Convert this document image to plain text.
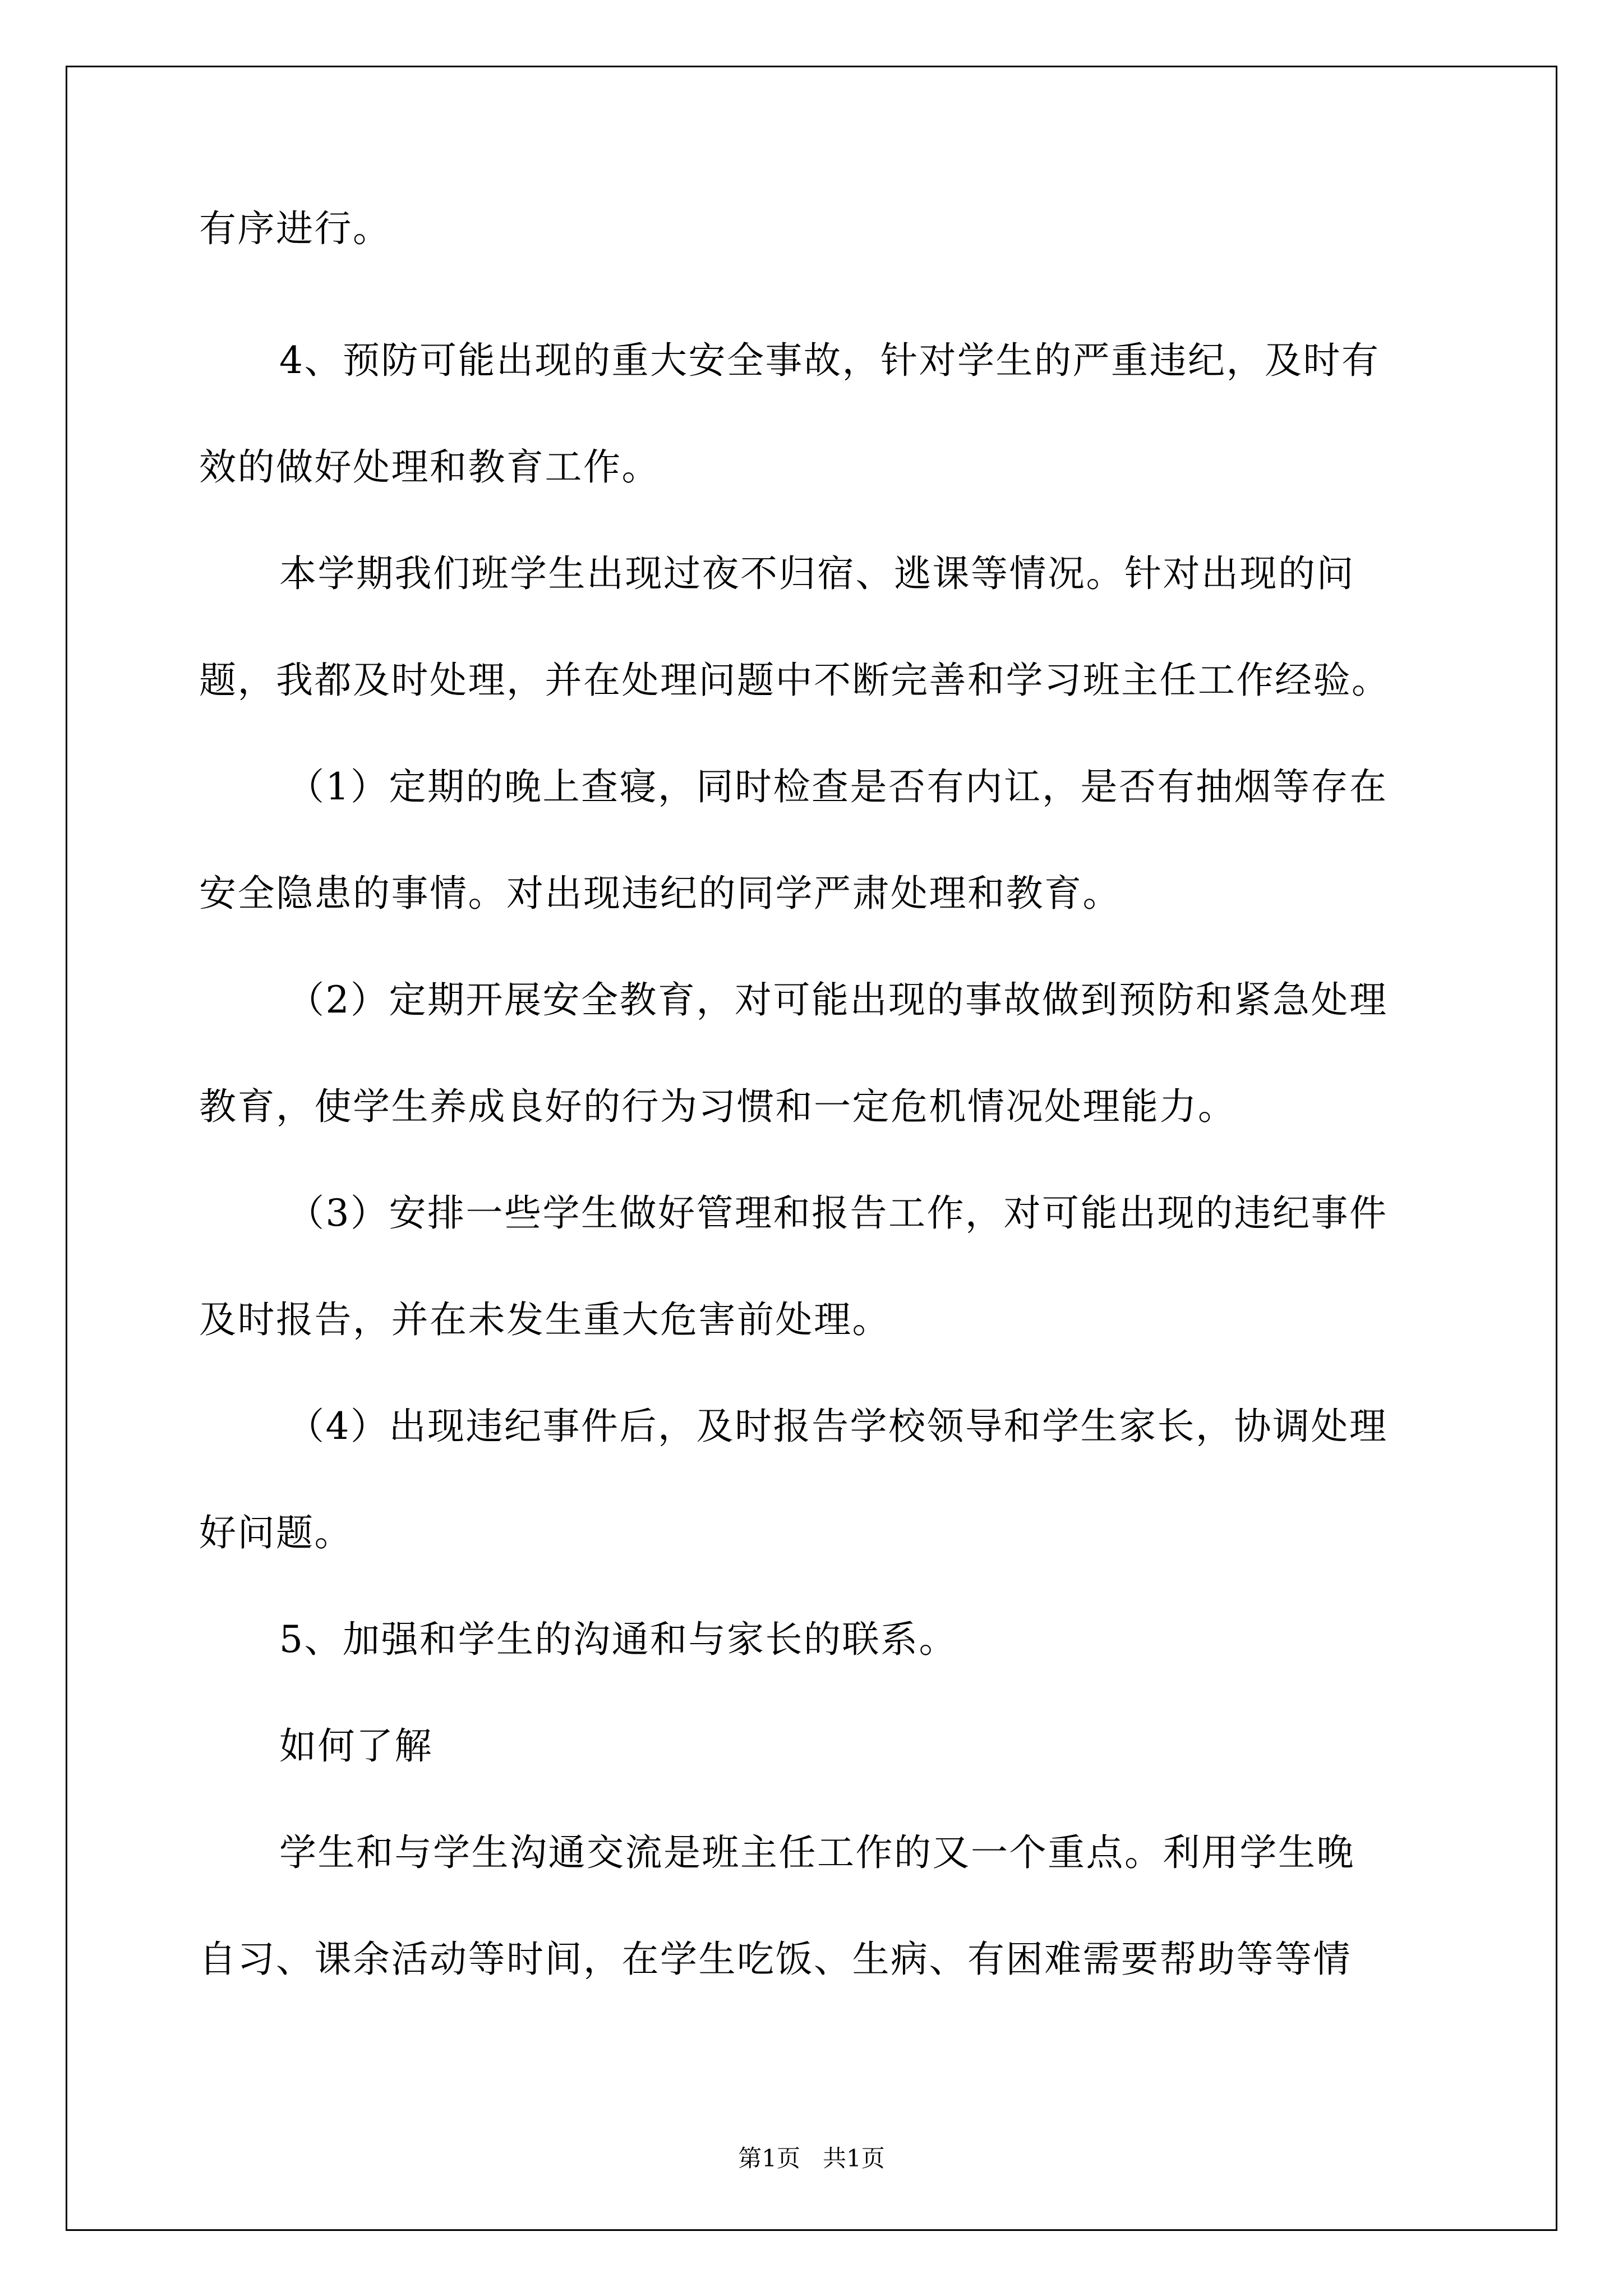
有序进行。

4、预防可能出现的重大安全事故，针对学生的严重违纪，及时有

效的做好处理和教育工作。

本学期我们班学生出现过夜不归宿、逃课等情况。针对出现的问

题，我都及时处理，并在处理问题中不断完善和学习班主任工作经验。

（1）定期的晚上查寝，同时检查是否有内讧，是否有抽烟等存在

安全隐患的事情。对出现违纪的同学严肃处理和教育。

（2）定期开展安全教育，对可能出现的事故做到预防和紧急处理

教育，使学生养成良好的行为习惯和一定危机情况处理能力。

（3）安排一些学生做好管理和报告工作，对可能出现的违纪事件

及时报告，并在未发生重大危害前处理。

（4）出现违纪事件后，及时报告学校领导和学生家长，协调处理

好问题。

5、加强和学生的沟通和与家长的联系。

如何了解

学生和与学生沟通交流是班主任工作的又一个重点。利用学生晚

自习、课余活动等时间，在学生吃饭、生病、有困难需要帮助等等情

第1页   共1页
